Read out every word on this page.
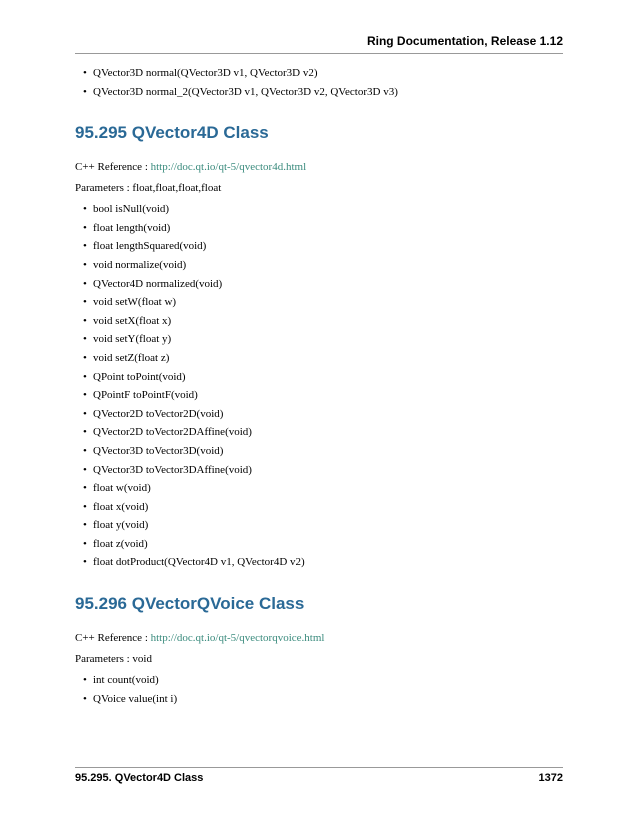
Ring Documentation, Release 1.12
• QVector3D normal(QVector3D v1, QVector3D v2)
• QVector3D normal_2(QVector3D v1, QVector3D v2, QVector3D v3)
95.295 QVector4D Class

C++ Reference : http://doc.qt.io/qt-5/qvector4d.html

Parameters : float,float,float,float

• bool isNull(void)
• float length(void)
• float lengthSquared(void)
• void normalize(void)
• QVector4D normalized(void)
• void setW(float w)
• void setX(float x)
• void setY(float y)
• void setZ(float z)
• QPoint toPoint(void)
• QPointF toPointF(void)
• QVector2D toVector2D(void)
• QVector2D toVector2DAffine(void)
• QVector3D toVector3D(void)
• QVector3D toVector3DAffine(void)
• float w(void)
• float x(void)
• float y(void)
• float z(void)
• float dotProduct(QVector4D v1, QVector4D v2)
95.296 QVectorQVoice Class

C++ Reference : http://doc.qt.io/qt-5/qvectorqvoice.html

Parameters : void

• int count(void)
• QVoice value(int i)
95.295. QVector4D Class	1372
